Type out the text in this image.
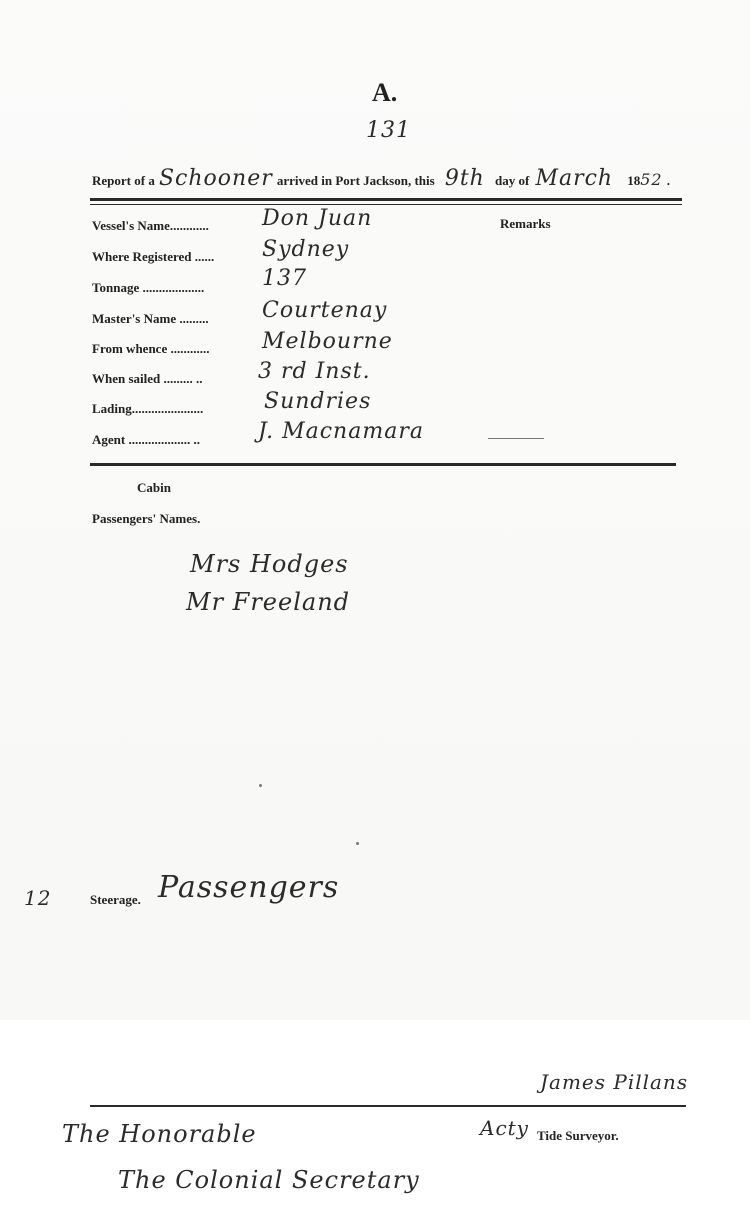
A.
131
Report of a Schooner arrived in Port Jackson, this 9th day of March 1852 .
Vessel's Name............ Don Juan
Where Registered ...... Sydney
Tonnage ...................	137
Master's Name ......... Courtenay
From whence ............ Melbourne
When sailed ......... ..	3 rd Inst.
Lading......................	Sundries
Agent ................... ..	J. Macnamara
Remarks
Cabin
Passengers' Names.
Mrs Hodges
Mr Freeland
12	Steerage. Passengers
James Pillans
Acty Tide Surveyor.
The Honorable
The Colonial Secretary
